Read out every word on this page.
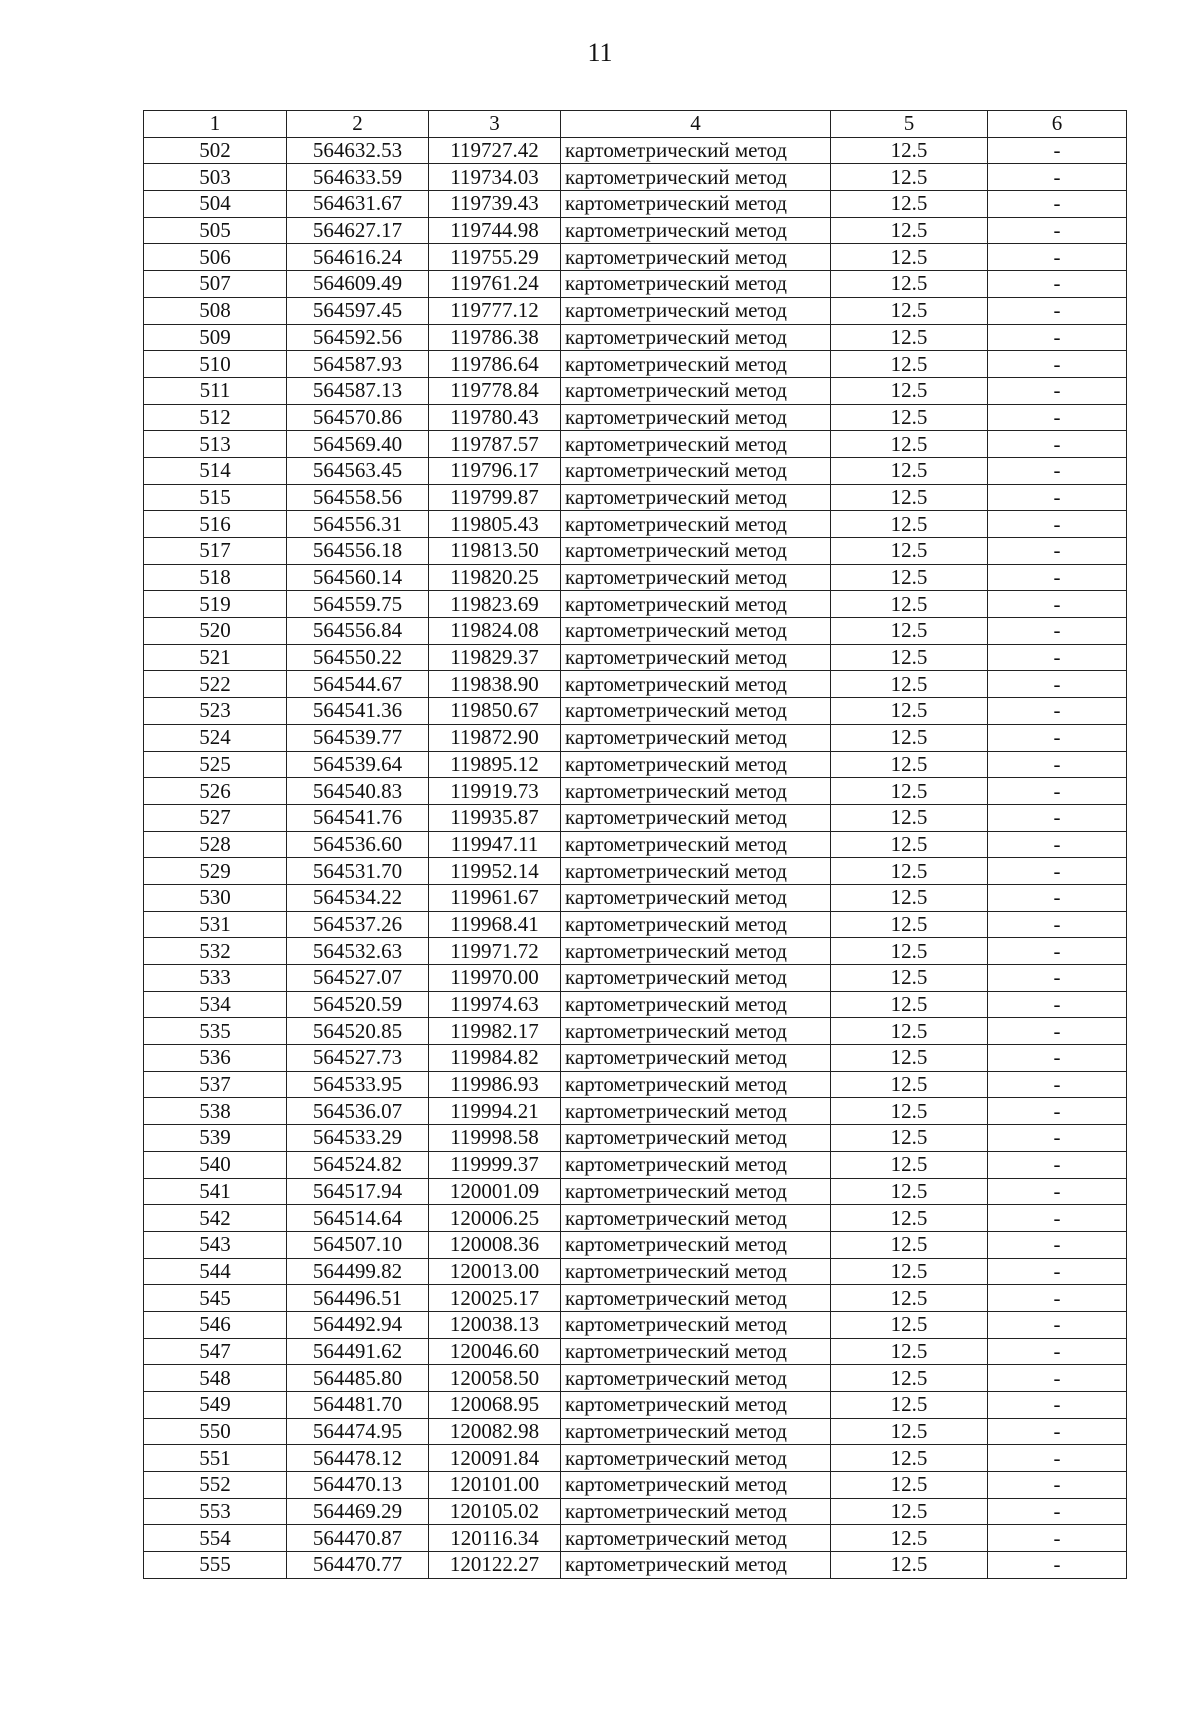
11
1	2	3	4	5	6
502	564632.53	119727.42	картометрический метод	12.5	-
503	564633.59	119734.03	картометрический метод	12.5	-
504	564631.67	119739.43	картометрический метод	12.5	-
505	564627.17	119744.98	картометрический метод	12.5	-
506	564616.24	119755.29	картометрический метод	12.5	-
507	564609.49	119761.24	картометрический метод	12.5	-
508	564597.45	119777.12	картометрический метод	12.5	-
509	564592.56	119786.38	картометрический метод	12.5	-
510	564587.93	119786.64	картометрический метод	12.5	-
511	564587.13	119778.84	картометрический метод	12.5	-
512	564570.86	119780.43	картометрический метод	12.5	-
513	564569.40	119787.57	картометрический метод	12.5	-
514	564563.45	119796.17	картометрический метод	12.5	-
515	564558.56	119799.87	картометрический метод	12.5	-
516	564556.31	119805.43	картометрический метод	12.5	-
517	564556.18	119813.50	картометрический метод	12.5	-
518	564560.14	119820.25	картометрический метод	12.5	-
519	564559.75	119823.69	картометрический метод	12.5	-
520	564556.84	119824.08	картометрический метод	12.5	-
521	564550.22	119829.37	картометрический метод	12.5	-
522	564544.67	119838.90	картометрический метод	12.5	-
523	564541.36	119850.67	картометрический метод	12.5	-
524	564539.77	119872.90	картометрический метод	12.5	-
525	564539.64	119895.12	картометрический метод	12.5	-
526	564540.83	119919.73	картометрический метод	12.5	-
527	564541.76	119935.87	картометрический метод	12.5	-
528	564536.60	119947.11	картометрический метод	12.5	-
529	564531.70	119952.14	картометрический метод	12.5	-
530	564534.22	119961.67	картометрический метод	12.5	-
531	564537.26	119968.41	картометрический метод	12.5	-
532	564532.63	119971.72	картометрический метод	12.5	-
533	564527.07	119970.00	картометрический метод	12.5	-
534	564520.59	119974.63	картометрический метод	12.5	-
535	564520.85	119982.17	картометрический метод	12.5	-
536	564527.73	119984.82	картометрический метод	12.5	-
537	564533.95	119986.93	картометрический метод	12.5	-
538	564536.07	119994.21	картометрический метод	12.5	-
539	564533.29	119998.58	картометрический метод	12.5	-
540	564524.82	119999.37	картометрический метод	12.5	-
541	564517.94	120001.09	картометрический метод	12.5	-
542	564514.64	120006.25	картометрический метод	12.5	-
543	564507.10	120008.36	картометрический метод	12.5	-
544	564499.82	120013.00	картометрический метод	12.5	-
545	564496.51	120025.17	картометрический метод	12.5	-
546	564492.94	120038.13	картометрический метод	12.5	-
547	564491.62	120046.60	картометрический метод	12.5	-
548	564485.80	120058.50	картометрический метод	12.5	-
549	564481.70	120068.95	картометрический метод	12.5	-
550	564474.95	120082.98	картометрический метод	12.5	-
551	564478.12	120091.84	картометрический метод	12.5	-
552	564470.13	120101.00	картометрический метод	12.5	-
553	564469.29	120105.02	картометрический метод	12.5	-
554	564470.87	120116.34	картометрический метод	12.5	-
555	564470.77	120122.27	картометрический метод	12.5	-
